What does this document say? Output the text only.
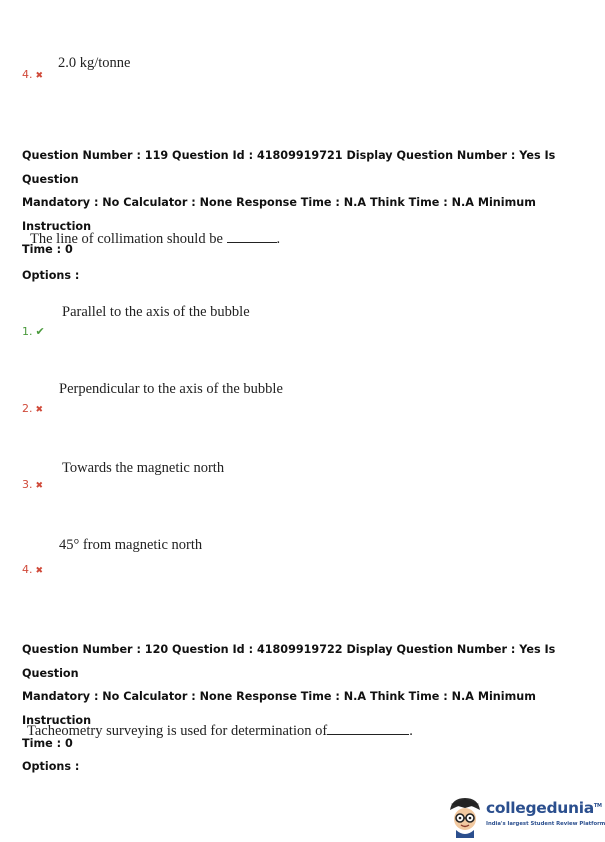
2.0 kg/tonne
4. ✖
Question Number : 119 Question Id : 41809919721 Display Question Number : Yes Is Question
Mandatory : No Calculator : None Response Time : N.A Think Time : N.A Minimum Instruction
Time : 0
The line of collimation should be	.
Options :
Parallel to the axis of the bubble
1. ✔
Perpendicular to the axis of the bubble
2. ✖
Towards the magnetic north
3. ✖
45° from magnetic north
4. ✖
Question Number : 120 Question Id : 41809919722 Display Question Number : Yes Is Question
Mandatory : No Calculator : None Response Time : N.A Think Time : N.A Minimum Instruction
Time : 0
Tacheometry surveying is used for determination of	.
Options :
collegedunia™
India's largest Student Review Platform
